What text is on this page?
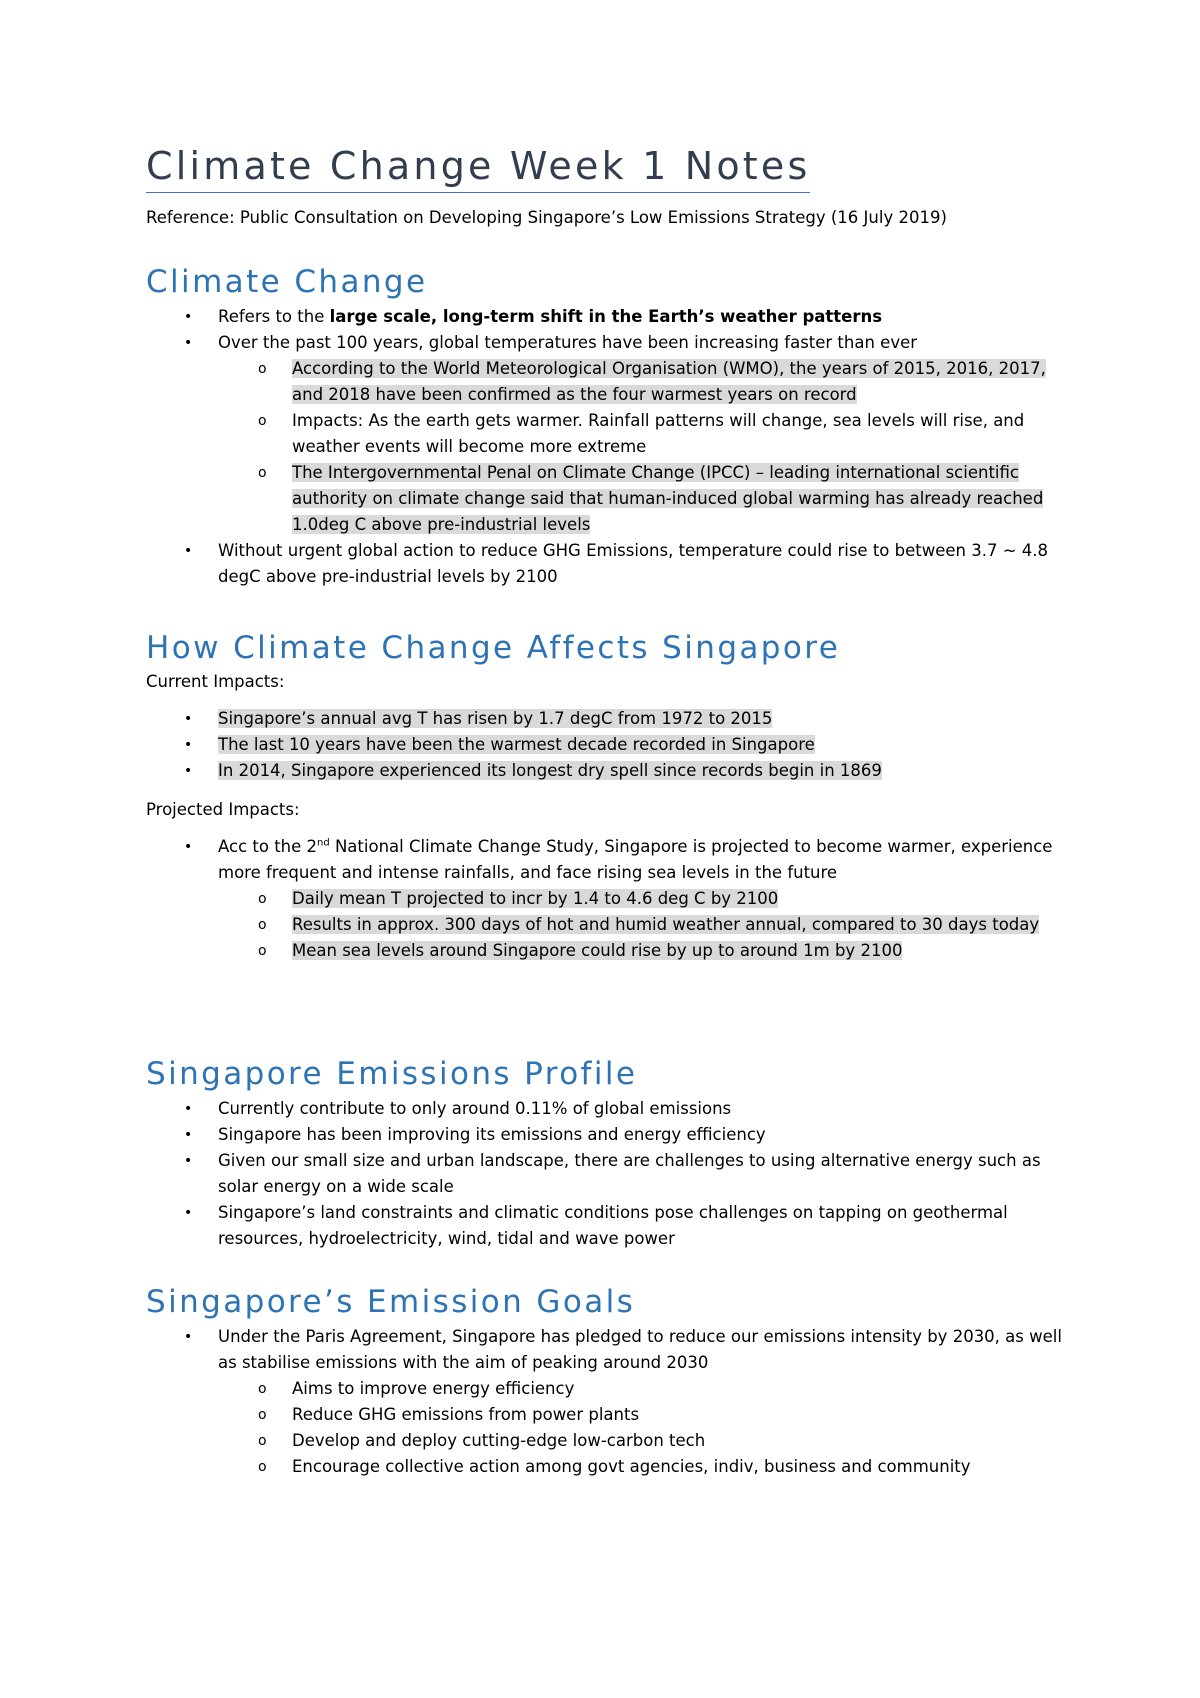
Climate Change Week 1 Notes

Reference: Public Consultation on Developing Singapore’s Low Emissions Strategy (16 July 2019)

Climate Change
• Refers to the large scale, long-term shift in the Earth’s weather patterns
• Over the past 100 years, global temperatures have been increasing faster than ever
o According to the World Meteorological Organisation (WMO), the years of 2015, 2016, 2017, and 2018 have been confirmed as the four warmest years on record
o Impacts: As the earth gets warmer. Rainfall patterns will change, sea levels will rise, and weather events will become more extreme
o The Intergovernmental Penal on Climate Change (IPCC) – leading international scientific authority on climate change said that human-induced global warming has already reached 1.0deg C above pre-industrial levels
• Without urgent global action to reduce GHG Emissions, temperature could rise to between 3.7 ~ 4.8 degC above pre-industrial levels by 2100
How Climate Change Affects Singapore

Current Impacts:

• Singapore’s annual avg T has risen by 1.7 degC from 1972 to 2015
• The last 10 years have been the warmest decade recorded in Singapore
• In 2014, Singapore experienced its longest dry spell since records begin in 1869

Projected Impacts:

• Acc to the 2nd National Climate Change Study, Singapore is projected to become warmer, experience more frequent and intense rainfalls, and face rising sea levels in the future
o Daily mean T projected to incr by 1.4 to 4.6 deg C by 2100
o Results in approx. 300 days of hot and humid weather annual, compared to 30 days today
o Mean sea levels around Singapore could rise by up to around 1m by 2100
Singapore Emissions Profile
• Currently contribute to only around 0.11% of global emissions
• Singapore has been improving its emissions and energy efficiency
• Given our small size and urban landscape, there are challenges to using alternative energy such as solar energy on a wide scale
• Singapore’s land constraints and climatic conditions pose challenges on tapping on geothermal resources, hydroelectricity, wind, tidal and wave power
Singapore’s Emission Goals
• Under the Paris Agreement, Singapore has pledged to reduce our emissions intensity by 2030, as well as stabilise emissions with the aim of peaking around 2030
o Aims to improve energy efficiency
o Reduce GHG emissions from power plants
o Develop and deploy cutting-edge low-carbon tech
o Encourage collective action among govt agencies, indiv, business and community
